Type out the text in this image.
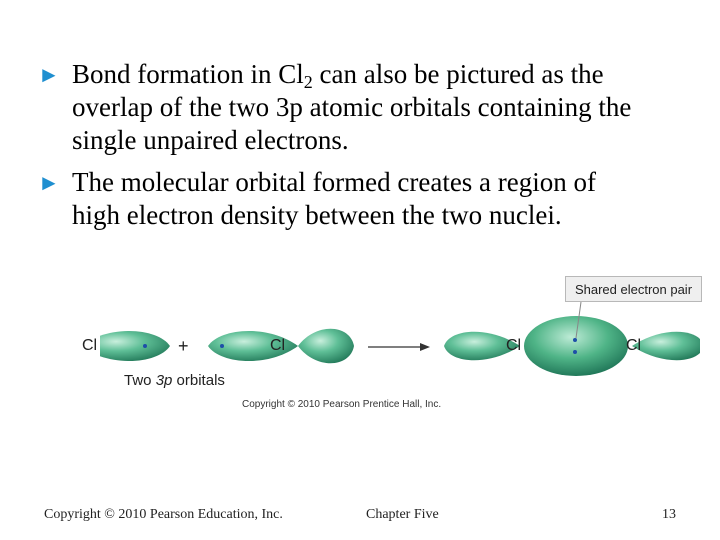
► Bond formation in $Cl_2$ can also be pictured as the
overlap of the two 3p atomic orbitals containing the
single unpaired electrons.
► The molecular orbital formed creates a region of
high electron density between the two nuclei.
Shared electron pair
Cl	+	Cl	Cl	Cl
Two 3p orbitals
Copyright © 2010 Pearson Prentice Hall, Inc.
Copyright © 2010 Pearson Education, Inc.	Chapter Five	13
